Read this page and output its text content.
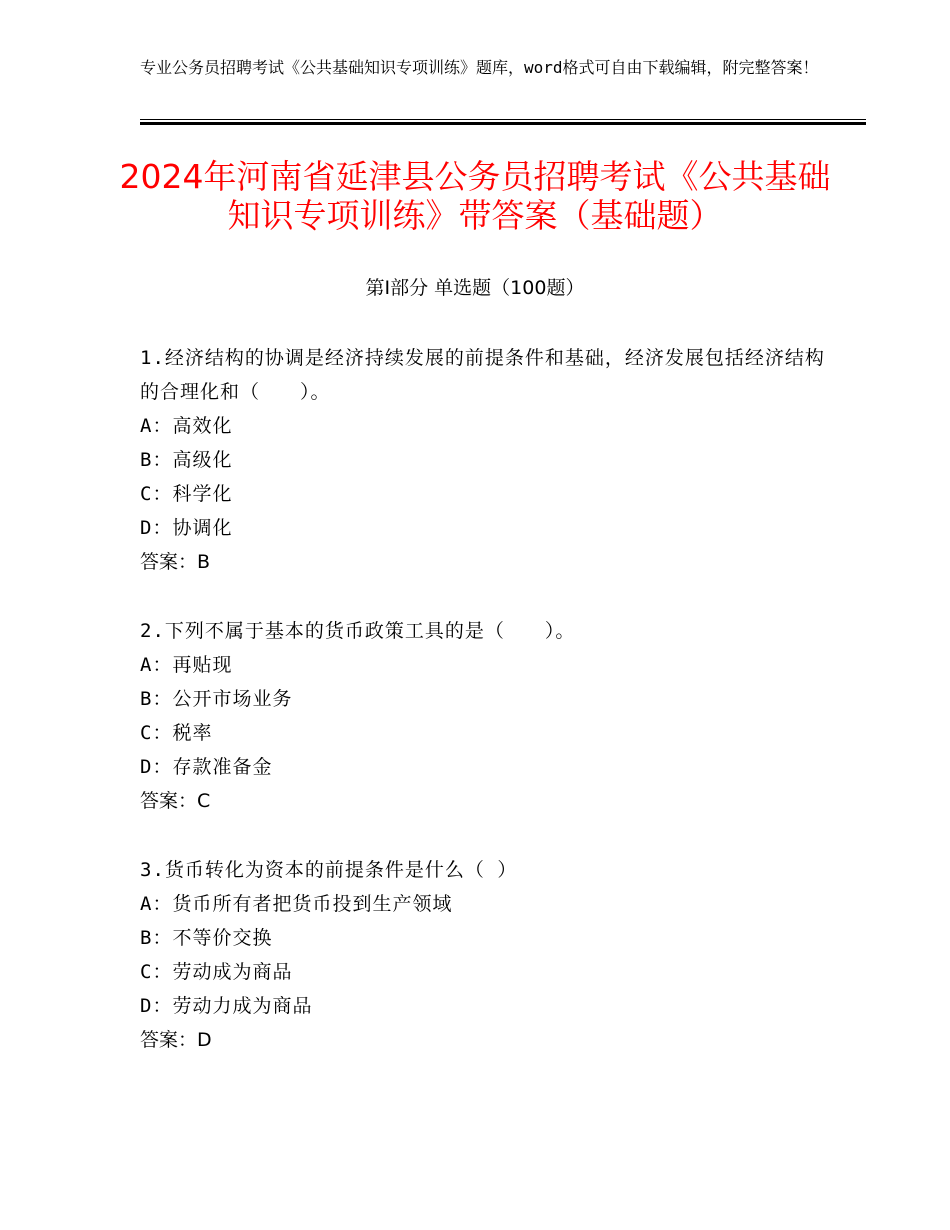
专业公务员招聘考试《公共基础知识专项训练》题库，word格式可自由下载编辑，附完整答案！
2024年河南省延津县公务员招聘考试《公共基础知识专项训练》带答案（基础题）
第Ⅰ部分 单选题（100题）
1.经济结构的协调是经济持续发展的前提条件和基础，经济发展包括经济结构的合理化和（　　）。
A：高效化
B：高级化
C：科学化
D：协调化
答案：B
2.下列不属于基本的货币政策工具的是（　　）。
A：再贴现
B：公开市场业务
C：税率
D：存款准备金
答案：C
3.货币转化为资本的前提条件是什么（ ）
A：货币所有者把货币投到生产领域
B：不等价交换
C：劳动成为商品
D：劳动力成为商品
答案：D
